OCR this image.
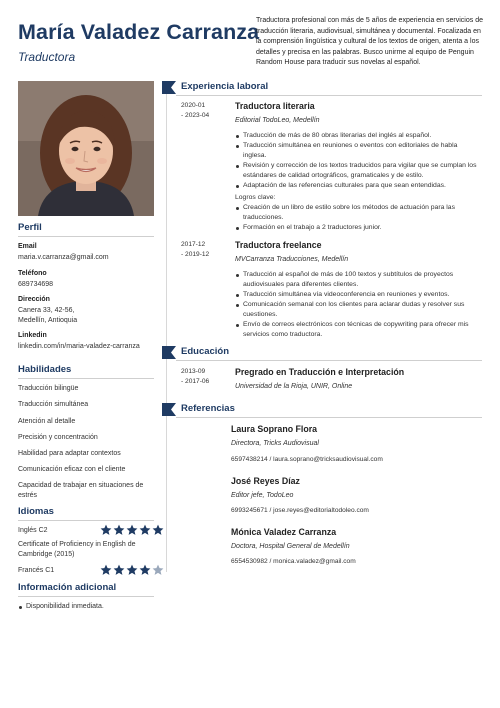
María Valadez Carranza
Traductora
Traductora profesional con más de 5 años de experiencia en servicios de traducción literaria, audiovisual, simultánea y documental. Focalizada en la comprensión lingüística y cultural de los textos de origen, atenta a los detalles y precisa en las palabras. Busco unirme al equipo de Penguin Random House para traducir sus novelas al español.
Perfil
Email
maria.v.carranza@gmail.com
Teléfono
689734698
Dirección
Canera 33, 42-56,
Medellín, Antioquia
Linkedin
linkedin.com/in/maria-valadez-carranza
Habilidades
Traducción bilingüe
Traducción simultánea
Atención al detalle
Precisión y concentración
Habilidad para adaptar contextos
Comunicación eficaz con el cliente
Capacidad de trabajar en situaciones de estrés
Idiomas
Inglés C2
Certificate of Proficiency in English de Cambridge (2015)
Francés C1
Información adicional
Disponibilidad inmediata.
Experiencia laboral
2020-01
- 2023-04
Traductora literaria
Editorial TodoLeo, Medellín
Traducción de más de 80 obras literarias del inglés al español.
Traducción simultánea en reuniones o eventos con editoriales de habla inglesa.
Revisión y corrección de los textos traducidos para vigilar que se cumplan los estándares de calidad ortográficos, gramaticales y de estilo.
Adaptación de las referencias culturales para que sean entendidas.
Logros clave:
Creación de un libro de estilo sobre los métodos de actuación para las traducciones.
Formación en el trabajo a 2 traductores junior.
2017-12
- 2019-12
Traductora freelance
MVCarranza Traducciones, Medellín
Traducción al español de más de 100 textos y subtítulos de proyectos audiovisuales para diferentes clientes.
Traducción simultánea vía videoconferencia en reuniones y eventos.
Comunicación semanal con los clientes para aclarar dudas y resolver sus cuestiones.
Envío de correos electrónicos con técnicas de copywriting para ofrecer mis servicios como traductora.
Educación
2013-09
- 2017-06
Pregrado en Traducción e Interpretación
Universidad de la Rioja, UNIR, Online
Referencias
Laura Soprano Flora
Directora, Tricks Audiovisual
6597438214 / laura.soprano@tricksaudiovisual.com
José Reyes Díaz
Editor jefe, TodoLeo
6993245671 / jose.reyes@editorialtodoleo.com
Mónica Valadez Carranza
Doctora, Hospital General de Medellín
6554530982 / monica.valadez@gmail.com
